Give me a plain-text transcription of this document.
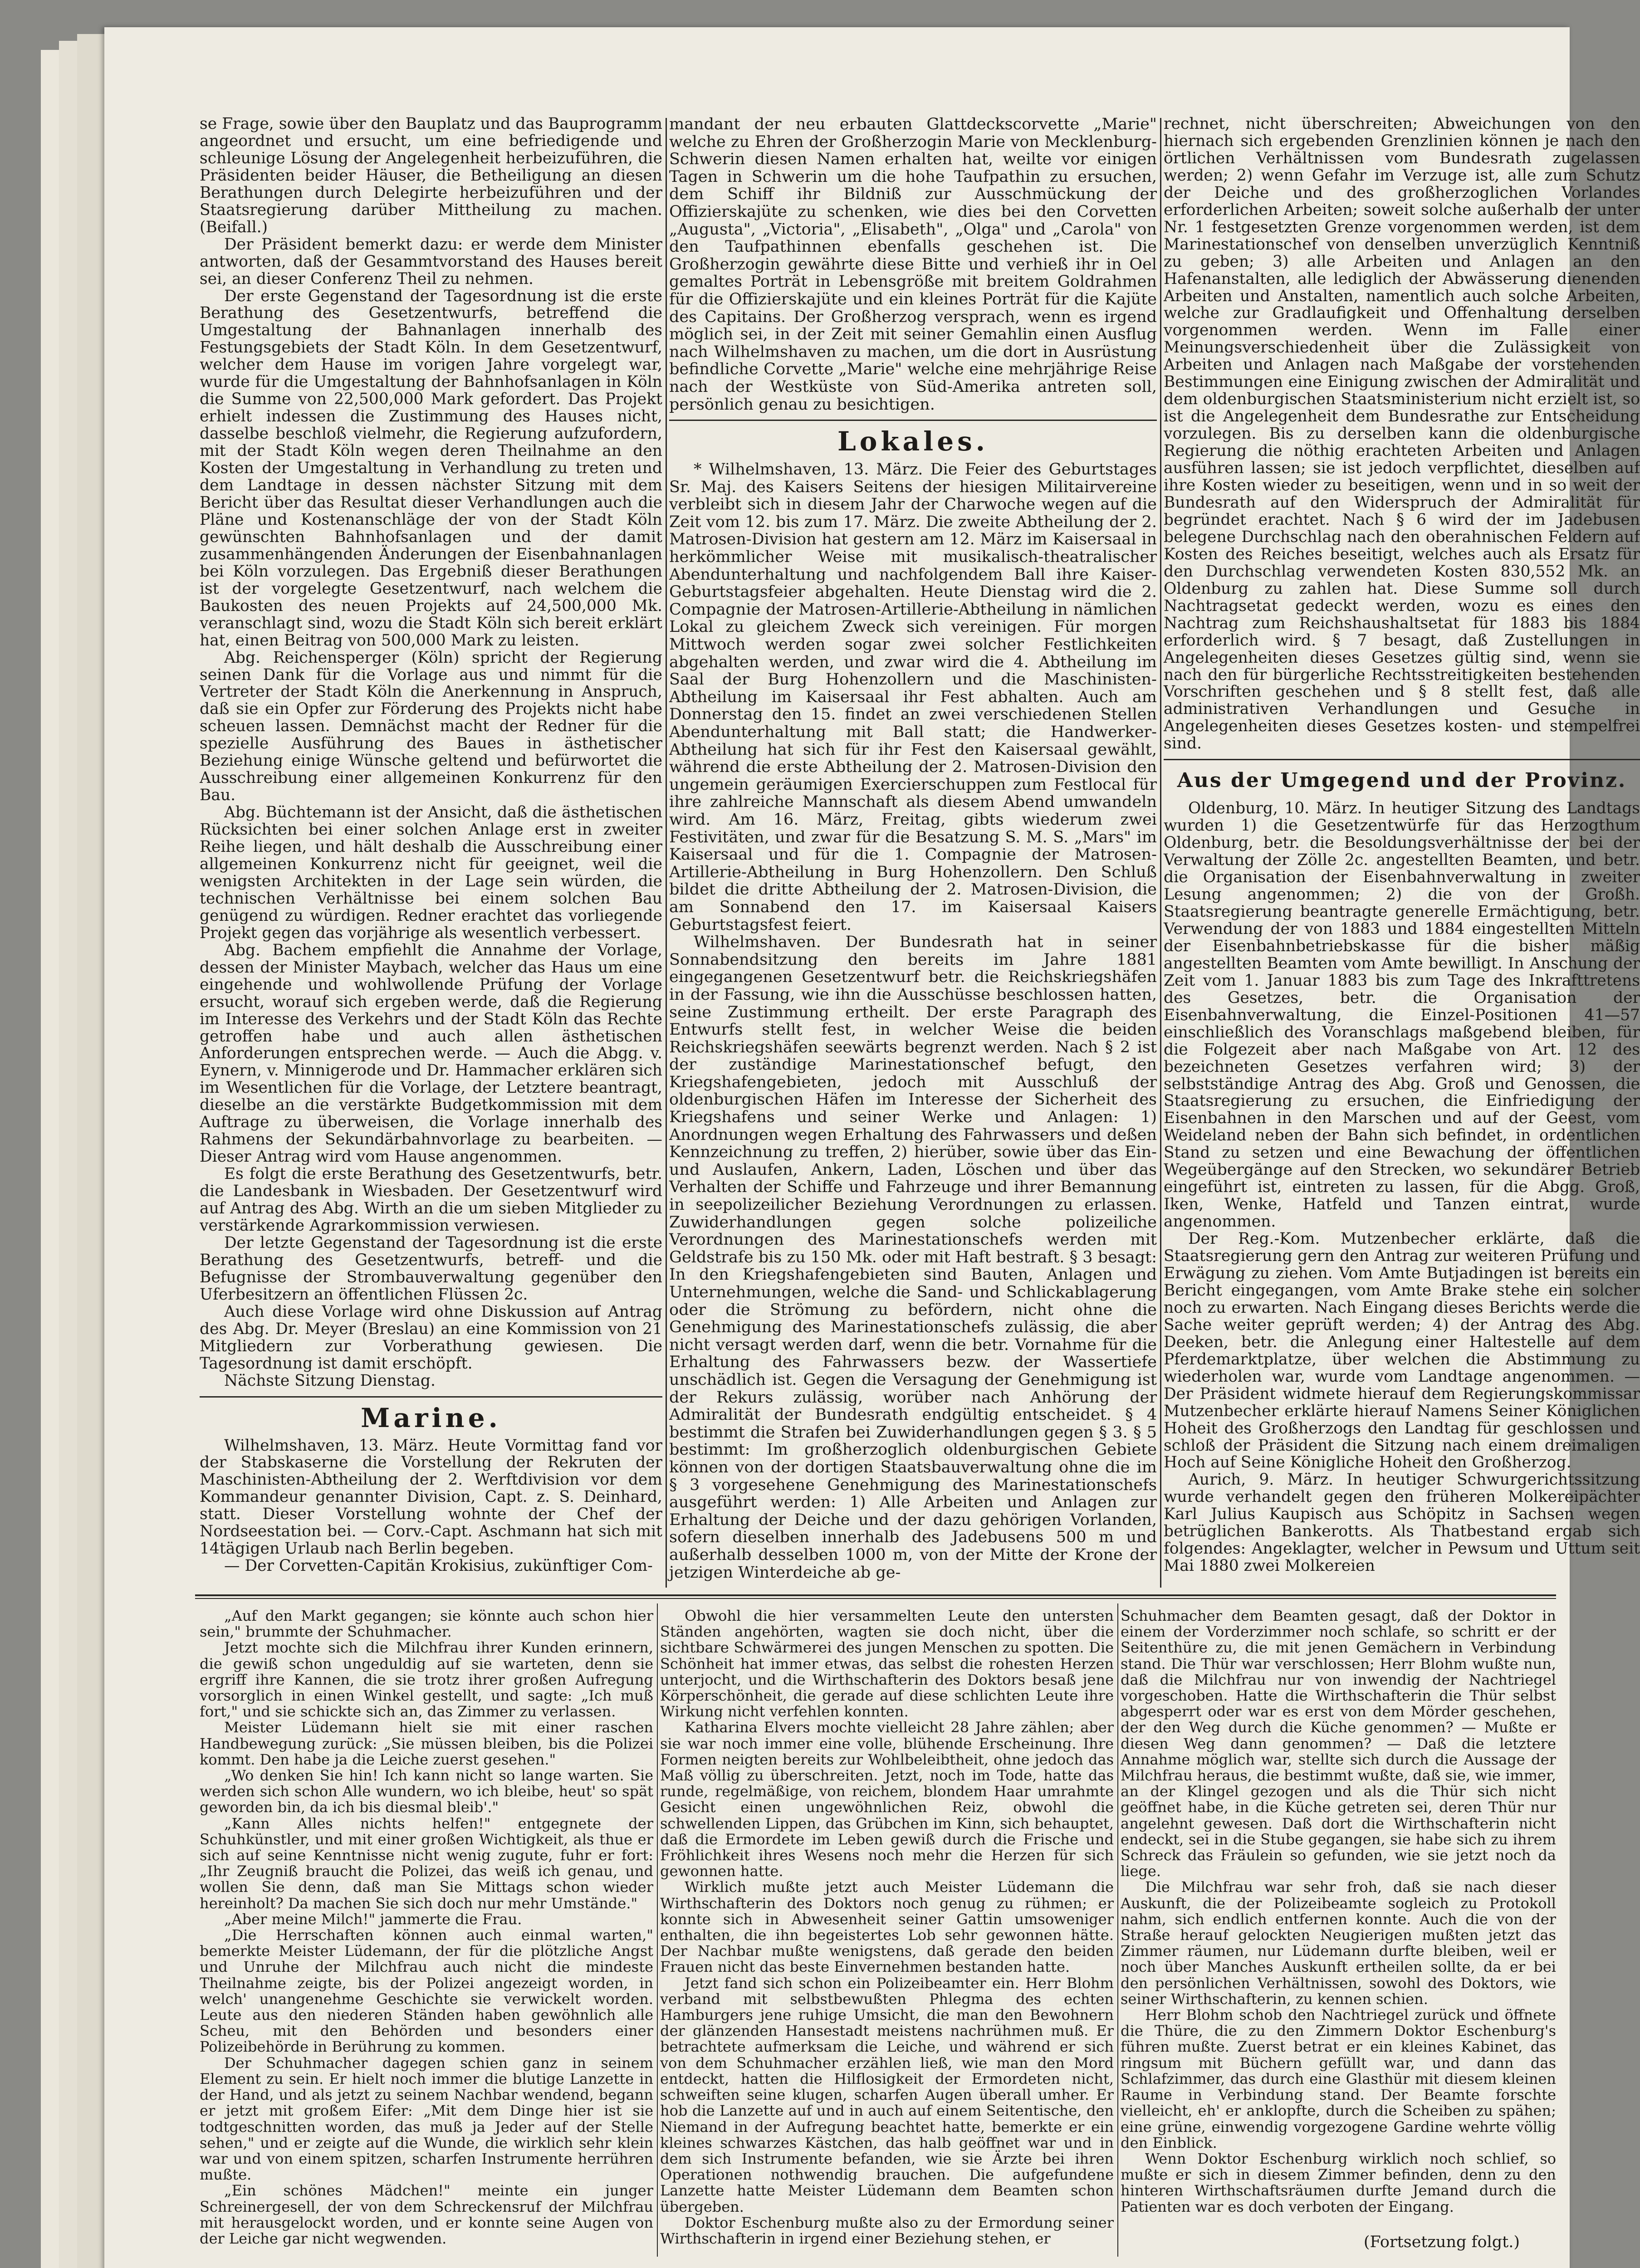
se Frage, sowie über den Bauplatz und das Bauprogramm angeordnet und ersucht, um eine befriedigende und schleunige Lösung der Angelegenheit herbeizuführen, die Präsidenten beider Häuser, die Betheiligung an diesen Berathungen durch Delegirte herbeizuführen und der Staatsregierung darüber Mittheilung zu machen. (Beifall.)

Der Präsident bemerkt dazu: er werde dem Minister antworten, daß der Gesammtvorstand des Hauses bereit sei, an dieser Conferenz Theil zu nehmen.

Der erste Gegenstand der Tagesordnung ist die erste Berathung des Gesetzentwurfs, betreffend die Umgestaltung der Bahnanlagen innerhalb des Festungsgebiets der Stadt Köln. In dem Gesetzentwurf, welcher dem Hause im vorigen Jahre vorgelegt war, wurde für die Umgestaltung der Bahnhofsanlagen in Köln die Summe von 22,500,000 Mark gefordert. Das Projekt erhielt indessen die Zustimmung des Hauses nicht, dasselbe beschloß vielmehr, die Regierung aufzufordern, mit der Stadt Köln wegen deren Theilnahme an den Kosten der Umgestaltung in Verhandlung zu treten und dem Landtage in dessen nächster Sitzung mit dem Bericht über das Resultat dieser Verhandlungen auch die Pläne und Kostenanschläge der von der Stadt Köln gewünschten Bahnhofsanlagen und der damit zusammenhängenden Änderungen der Eisenbahnanlagen bei Köln vorzulegen. Das Ergebniß dieser Berathungen ist der vorgelegte Gesetzentwurf, nach welchem die Baukosten des neuen Projekts auf 24,500,000 Mk. veranschlagt sind, wozu die Stadt Köln sich bereit erklärt hat, einen Beitrag von 500,000 Mark zu leisten.

Abg. Reichensperger (Köln) spricht der Regierung seinen Dank für die Vorlage aus und nimmt für die Vertreter der Stadt Köln die Anerkennung in Anspruch, daß sie ein Opfer zur Förderung des Projekts nicht habe scheuen lassen. Demnächst macht der Redner für die spezielle Ausführung des Baues in ästhetischer Beziehung einige Wünsche geltend und befürwortet die Ausschreibung einer allgemeinen Konkurrenz für den Bau.

Abg. Büchtemann ist der Ansicht, daß die ästhetischen Rücksichten bei einer solchen Anlage erst in zweiter Reihe liegen, und hält deshalb die Ausschreibung einer allgemeinen Konkurrenz nicht für geeignet, weil die wenigsten Architekten in der Lage sein würden, die technischen Verhältnisse bei einem solchen Bau genügend zu würdigen. Redner erachtet das vorliegende Projekt gegen das vorjährige als wesentlich verbessert.

Abg. Bachem empfiehlt die Annahme der Vorlage, dessen der Minister Maybach, welcher das Haus um eine eingehende und wohlwollende Prüfung der Vorlage ersucht, worauf sich ergeben werde, daß die Regierung im Interesse des Verkehrs und der Stadt Köln das Rechte getroffen habe und auch allen ästhetischen Anforderungen entsprechen werde. — Auch die Abgg. v. Eynern, v. Minnigerode und Dr. Hammacher erklären sich im Wesentlichen für die Vorlage, der Letztere beantragt, dieselbe an die verstärkte Budgetkommission mit dem Auftrage zu überweisen, die Vorlage innerhalb des Rahmens der Sekundärbahnvorlage zu bearbeiten. — Dieser Antrag wird vom Hause angenommen.

Es folgt die erste Berathung des Gesetzentwurfs, betr. die Landesbank in Wiesbaden. Der Gesetzentwurf wird auf Antrag des Abg. Wirth an die um sieben Mitglieder zu verstärkende Agrarkommission verwiesen.

Der letzte Gegenstand der Tagesordnung ist die erste Berathung des Gesetzentwurfs, betreff- und die Befugnisse der Strombauverwaltung gegenüber den Uferbesitzern an öffentlichen Flüssen 2c.

Auch diese Vorlage wird ohne Diskussion auf Antrag des Abg. Dr. Meyer (Breslau) an eine Kommission von 21 Mitgliedern zur Vorberathung gewiesen. Die Tagesordnung ist damit erschöpft.

Nächste Sitzung Dienstag.

Marine.

Wilhelmshaven, 13. März. Heute Vormittag fand vor der Stabskaserne die Vorstellung der Rekruten der Maschinisten-Abtheilung der 2. Werftdivision vor dem Kommandeur genannter Division, Capt. z. S. Deinhard, statt. Dieser Vorstellung wohnte der Chef der Nordseestation bei. — Corv.-Capt. Aschmann hat sich mit 14tägigen Urlaub nach Berlin begeben.

— Der Corvetten-Capitän Krokisius, zukünftiger Com-

mandant der neu erbauten Glattdeckscorvette „Marie" welche zu Ehren der Großherzogin Marie von Mecklenburg-Schwerin diesen Namen erhalten hat, weilte vor einigen Tagen in Schwerin um die hohe Taufpathin zu ersuchen, dem Schiff ihr Bildniß zur Ausschmückung der Offizierskajüte zu schenken, wie dies bei den Corvetten „Augusta", „Victoria", „Elisabeth", „Olga" und „Carola" von den Taufpathinnen ebenfalls geschehen ist. Die Großherzogin gewährte diese Bitte und verhieß ihr in Oel gemaltes Porträt in Lebensgröße mit breitem Goldrahmen für die Offizierskajüte und ein kleines Porträt für die Kajüte des Capitains. Der Großherzog versprach, wenn es irgend möglich sei, in der Zeit mit seiner Gemahlin einen Ausflug nach Wilhelmshaven zu machen, um die dort in Ausrüstung befindliche Corvette „Marie" welche eine mehrjährige Reise nach der Westküste von Süd-Amerika antreten soll, persönlich genau zu besichtigen.

Lokales.

* Wilhelmshaven, 13. März. Die Feier des Geburtstages Sr. Maj. des Kaisers Seitens der hiesigen Militairvereine verbleibt sich in diesem Jahr der Charwoche wegen auf die Zeit vom 12. bis zum 17. März. Die zweite Abtheilung der 2. Matrosen-Division hat gestern am 12. März im Kaisersaal in herkömmlicher Weise mit musikalisch-theatralischer Abendunterhaltung und nachfolgendem Ball ihre Kaiser-Geburtstagsfeier abgehalten. Heute Dienstag wird die 2. Compagnie der Matrosen-Artillerie-Abtheilung in nämlichen Lokal zu gleichem Zweck sich vereinigen. Für morgen Mittwoch werden sogar zwei solcher Festlichkeiten abgehalten werden, und zwar wird die 4. Abtheilung im Saal der Burg Hohenzollern und die Maschinisten-Abtheilung im Kaisersaal ihr Fest abhalten. Auch am Donnerstag den 15. findet an zwei verschiedenen Stellen Abendunterhaltung mit Ball statt; die Handwerker-Abtheilung hat sich für ihr Fest den Kaisersaal gewählt, während die erste Abtheilung der 2. Matrosen-Division den ungemein geräumigen Exercierschuppen zum Festlocal für ihre zahlreiche Mannschaft als diesem Abend umwandeln wird. Am 16. März, Freitag, gibts wiederum zwei Festivitäten, und zwar für die Besatzung S. M. S. „Mars" im Kaisersaal und für die 1. Compagnie der Matrosen-Artillerie-Abtheilung in Burg Hohenzollern. Den Schluß bildet die dritte Abtheilung der 2. Matrosen-Division, die am Sonnabend den 17. im Kaisersaal Kaisers Geburtstagsfest feiert.

Wilhelmshaven. Der Bundesrath hat in seiner Sonnabendsitzung den bereits im Jahre 1881 eingegangenen Gesetzentwurf betr. die Reichskriegshäfen in der Fassung, wie ihn die Ausschüsse beschlossen hatten, seine Zustimmung ertheilt. Der erste Paragraph des Entwurfs stellt fest, in welcher Weise die beiden Reichskriegshäfen seewärts begrenzt werden. Nach § 2 ist der zuständige Marinestationschef befugt, den Kriegshafengebieten, jedoch mit Ausschluß der oldenburgischen Häfen im Interesse der Sicherheit des Kriegshafens und seiner Werke und Anlagen: 1) Anordnungen wegen Erhaltung des Fahrwassers und deßen Kennzeichnung zu treffen, 2) hierüber, sowie über das Ein- und Auslaufen, Ankern, Laden, Löschen und über das Verhalten der Schiffe und Fahrzeuge und ihrer Bemannung in seepolizeilicher Beziehung Verordnungen zu erlassen. Zuwiderhandlungen gegen solche polizeiliche Verordnungen des Marinestationschefs werden mit Geldstrafe bis zu 150 Mk. oder mit Haft bestraft. § 3 besagt: In den Kriegshafengebieten sind Bauten, Anlagen und Unternehmungen, welche die Sand- und Schlickablagerung oder die Strömung zu befördern, nicht ohne die Genehmigung des Marinestationschefs zulässig, die aber nicht versagt werden darf, wenn die betr. Vornahme für die Erhaltung des Fahrwassers bezw. der Wassertiefe unschädlich ist. Gegen die Versagung der Genehmigung ist der Rekurs zulässig, worüber nach Anhörung der Admiralität der Bundesrath endgültig entscheidet. § 4 bestimmt die Strafen bei Zuwiderhandlungen gegen § 3. § 5 bestimmt: Im großherzoglich oldenburgischen Gebiete können von der dortigen Staatsbauverwaltung ohne die im § 3 vorgesehene Genehmigung des Marinestationschefs ausgeführt werden: 1) Alle Arbeiten und Anlagen zur Erhaltung der Deiche und der dazu gehörigen Vorlanden, sofern dieselben innerhalb des Jadebusens 500 m und außerhalb desselben 1000 m, von der Mitte der Krone der jetzigen Winterdeiche ab ge-

rechnet, nicht überschreiten; Abweichungen von den hiernach sich ergebenden Grenzlinien können je nach den örtlichen Verhältnissen vom Bundesrath zugelassen werden; 2) wenn Gefahr im Verzuge ist, alle zum Schutz der Deiche und des großherzoglichen Vorlandes erforderlichen Arbeiten; soweit solche außerhalb der unter Nr. 1 festgesetzten Grenze vorgenommen werden, ist dem Marinestationschef von denselben unverzüglich Kenntniß zu geben; 3) alle Arbeiten und Anlagen an den Hafenanstalten, alle lediglich der Abwässerung dienenden Arbeiten und Anstalten, namentlich auch solche Arbeiten, welche zur Gradlaufigkeit und Offenhaltung derselben vorgenommen werden. Wenn im Falle einer Meinungsverschiedenheit über die Zulässigkeit von Arbeiten und Anlagen nach Maßgabe der vorstehenden Bestimmungen eine Einigung zwischen der Admiralität und dem oldenburgischen Staatsministerium nicht erzielt ist, so ist die Angelegenheit dem Bundesrathe zur Entscheidung vorzulegen. Bis zu derselben kann die oldenburgische Regierung die nöthig erachteten Arbeiten und Anlagen ausführen lassen; sie ist jedoch verpflichtet, dieselben auf ihre Kosten wieder zu beseitigen, wenn und in so weit der Bundesrath auf den Widerspruch der Admiralität für begründet erachtet. Nach § 6 wird der im Jadebusen belegene Durchschlag nach den oberahnischen Feldern auf Kosten des Reiches beseitigt, welches auch als Ersatz für den Durchschlag verwendeten Kosten 830,552 Mk. an Oldenburg zu zahlen hat. Diese Summe soll durch Nachtragsetat gedeckt werden, wozu es eines den Nachtrag zum Reichshaushaltsetat für 1883 bis 1884 erforderlich wird. § 7 besagt, daß Zustellungen in Angelegenheiten dieses Gesetzes gültig sind, wenn sie nach den für bürgerliche Rechtsstreitigkeiten bestehenden Vorschriften geschehen und § 8 stellt fest, daß alle administrativen Verhandlungen und Gesuche in Angelegenheiten dieses Gesetzes kosten- und stempelfrei sind.

Aus der Umgegend und der Provinz.

Oldenburg, 10. März. In heutiger Sitzung des Landtags wurden 1) die Gesetzentwürfe für das Herzogthum Oldenburg, betr. die Besoldungsverhältnisse der bei der Verwaltung der Zölle 2c. angestellten Beamten, und betr. die Organisation der Eisenbahnverwaltung in zweiter Lesung angenommen; 2) die von der Großh. Staatsregierung beantragte generelle Ermächtigung, betr. Verwendung der von 1883 und 1884 eingestellten Mitteln der Eisenbahnbetriebskasse für die bisher mäßig angestellten Beamten vom Amte bewilligt. In Anschung der Zeit vom 1. Januar 1883 bis zum Tage des Inkrafttretens des Gesetzes, betr. die Organisation der Eisenbahnverwaltung, die Einzel-Positionen 41—57 einschließlich des Voranschlags maßgebend bleiben, für die Folgezeit aber nach Maßgabe von Art. 12 des bezeichneten Gesetzes verfahren wird; 3) der selbstständige Antrag des Abg. Groß und Genossen, die Staatsregierung zu ersuchen, die Einfriedigung der Eisenbahnen in den Marschen und auf der Geest, vom Weideland neben der Bahn sich befindet, in ordentlichen Stand zu setzen und eine Bewachung der öffentlichen Wegeübergänge auf den Strecken, wo sekundärer Betrieb eingeführt ist, eintreten zu lassen, für die Abgg. Groß, Iken, Wenke, Hatfeld und Tanzen eintrat, wurde angenommen.

Der Reg.-Kom. Mutzenbecher erklärte, daß die Staatsregierung gern den Antrag zur weiteren Prüfung und Erwägung zu ziehen. Vom Amte Butjadingen ist bereits ein Bericht eingegangen, vom Amte Brake stehe ein solcher noch zu erwarten. Nach Eingang dieses Berichts werde die Sache weiter geprüft werden; 4) der Antrag des Abg. Deeken, betr. die Anlegung einer Haltestelle auf dem Pferdemarktplatze, über welchen die Abstimmung zu wiederholen war, wurde vom Landtage angenommen. — Der Präsident widmete hierauf dem Regierungskommissar Mutzenbecher erklärte hierauf Namens Seiner Königlichen Hoheit des Großherzogs den Landtag für geschlossen und schloß der Präsident die Sitzung nach einem dreimaligen Hoch auf Seine Königliche Hoheit den Großherzog.

Aurich, 9. März. In heutiger Schwurgerichtssitzung wurde verhandelt gegen den früheren Molkereipächter Karl Julius Kaupisch aus Schöpitz in Sachsen wegen betrüglichen Bankerotts. Als Thatbestand ergab sich folgendes: Angeklagter, welcher in Pewsum und Uttum seit Mai 1880 zwei Molkereien

„Auf den Markt gegangen; sie könnte auch schon hier sein," brummte der Schuhmacher.

Jetzt mochte sich die Milchfrau ihrer Kunden erinnern, die gewiß schon ungeduldig auf sie warteten, denn sie ergriff ihre Kannen, die sie trotz ihrer großen Aufregung vorsorglich in einen Winkel gestellt, und sagte: „Ich muß fort," und sie schickte sich an, das Zimmer zu verlassen.

Meister Lüdemann hielt sie mit einer raschen Handbewegung zurück: „Sie müssen bleiben, bis die Polizei kommt. Den habe ja die Leiche zuerst gesehen."

„Wo denken Sie hin! Ich kann nicht so lange warten. Sie werden sich schon Alle wundern, wo ich bleibe, heut' so spät geworden bin, da ich bis diesmal bleib'."

„Kann Alles nichts helfen!" entgegnete der Schuhkünstler, und mit einer großen Wichtigkeit, als thue er sich auf seine Kenntnisse nicht wenig zugute, fuhr er fort: „Ihr Zeugniß braucht die Polizei, das weiß ich genau, und wollen Sie denn, daß man Sie Mittags schon wieder hereinholt? Da machen Sie sich doch nur mehr Umstände."

„Aber meine Milch!" jammerte die Frau.

„Die Herrschaften können auch einmal warten," bemerkte Meister Lüdemann, der für die plötzliche Angst und Unruhe der Milchfrau auch nicht die mindeste Theilnahme zeigte, bis der Polizei angezeigt worden, in welch' unangenehme Geschichte sie verwickelt worden. Leute aus den niederen Ständen haben gewöhnlich alle Scheu, mit den Behörden und besonders einer Polizeibehörde in Berührung zu kommen.

Der Schuhmacher dagegen schien ganz in seinem Element zu sein. Er hielt noch immer die blutige Lanzette in der Hand, und als jetzt zu seinem Nachbar wendend, begann er jetzt mit großem Eifer: „Mit dem Dinge hier ist sie todtgeschnitten worden, das muß ja Jeder auf der Stelle sehen," und er zeigte auf die Wunde, die wirklich sehr klein war und von einem spitzen, scharfen Instrumente herrühren mußte.

„Ein schönes Mädchen!" meinte ein junger Schreinergesell, der von dem Schreckensruf der Milchfrau mit herausgelockt worden, und er konnte seine Augen von der Leiche gar nicht wegwenden.

Obwohl die hier versammelten Leute den untersten Ständen angehörten, wagten sie doch nicht, über die sichtbare Schwärmerei des jungen Menschen zu spotten. Die Schönheit hat immer etwas, das selbst die rohesten Herzen unterjocht, und die Wirthschafterin des Doktors besaß jene Körperschönheit, die gerade auf diese schlichten Leute ihre Wirkung nicht verfehlen konnten.

Katharina Elvers mochte vielleicht 28 Jahre zählen; aber sie war noch immer eine volle, blühende Erscheinung. Ihre Formen neigten bereits zur Wohlbeleibtheit, ohne jedoch das Maß völlig zu überschreiten. Jetzt, noch im Tode, hatte das runde, regelmäßige, von reichem, blondem Haar umrahmte Gesicht einen ungewöhnlichen Reiz, obwohl die schwellenden Lippen, das Grübchen im Kinn, sich behauptet, daß die Ermordete im Leben gewiß durch die Frische und Fröhlichkeit ihres Wesens noch mehr die Herzen für sich gewonnen hatte.

Wirklich mußte jetzt auch Meister Lüdemann die Wirthschafterin des Doktors noch genug zu rühmen; er konnte sich in Abwesenheit seiner Gattin umsoweniger enthalten, die ihn begeistertes Lob sehr gewonnen hätte. Der Nachbar mußte wenigstens, daß gerade den beiden Frauen nicht das beste Einvernehmen bestanden hatte.

Jetzt fand sich schon ein Polizeibeamter ein. Herr Blohm verband mit selbstbewußten Phlegma des echten Hamburgers jene ruhige Umsicht, die man den Bewohnern der glänzenden Hansestadt meistens nachrühmen muß. Er betrachtete aufmerksam die Leiche, und während er sich von dem Schuhmacher erzählen ließ, wie man den Mord entdeckt, hatten die Hilflosigkeit der Ermordeten nicht, schweiften seine klugen, scharfen Augen überall umher. Er hob die Lanzette auf und in auch auf einem Seitentische, den Niemand in der Aufregung beachtet hatte, bemerkte er ein kleines schwarzes Kästchen, das halb geöffnet war und in dem sich Instrumente befanden, wie sie Ärzte bei ihren Operationen nothwendig brauchen. Die aufgefundene Lanzette hatte Meister Lüdemann dem Beamten schon übergeben.

Doktor Eschenburg mußte also zu der Ermordung seiner Wirthschafterin in irgend einer Beziehung stehen, er

Schuhmacher dem Beamten gesagt, daß der Doktor in einem der Vorderzimmer noch schlafe, so schritt er der Seitenthüre zu, die mit jenen Gemächern in Verbindung stand. Die Thür war verschlossen; Herr Blohm wußte nun, daß die Milchfrau nur von inwendig der Nachtriegel vorgeschoben. Hatte die Wirthschafterin die Thür selbst abgesperrt oder war es erst von dem Mörder geschehen, der den Weg durch die Küche genommen? — Mußte er diesen Weg dann genommen? — Daß die letztere Annahme möglich war, stellte sich durch die Aussage der Milchfrau heraus, die bestimmt wußte, daß sie, wie immer, an der Klingel gezogen und als die Thür sich nicht geöffnet habe, in die Küche getreten sei, deren Thür nur angelehnt gewesen. Daß dort die Wirthschafterin nicht endeckt, sei in die Stube gegangen, sie habe sich zu ihrem Schreck das Fräulein so gefunden, wie sie jetzt noch da liege.

Die Milchfrau war sehr froh, daß sie nach dieser Auskunft, die der Polizeibeamte sogleich zu Protokoll nahm, sich endlich entfernen konnte. Auch die von der Straße herauf gelockten Neugierigen mußten jetzt das Zimmer räumen, nur Lüdemann durfte bleiben, weil er noch über Manches Auskunft ertheilen sollte, da er bei den persönlichen Verhältnissen, sowohl des Doktors, wie seiner Wirthschafterin, zu kennen schien.

Herr Blohm schob den Nachtriegel zurück und öffnete die Thüre, die zu den Zimmern Doktor Eschenburg's führen mußte. Zuerst betrat er ein kleines Kabinet, das ringsum mit Büchern gefüllt war, und dann das Schlafzimmer, das durch eine Glasthür mit diesem kleinen Raume in Verbindung stand. Der Beamte forschte vielleicht, eh' er anklopfte, durch die Scheiben zu spähen; eine grüne, einwendig vorgezogene Gardine wehrte völlig den Einblick.

Wenn Doktor Eschenburg wirklich noch schlief, so mußte er sich in diesem Zimmer befinden, denn zu den hinteren Wirthschaftsräumen durfte Jemand durch die Patienten war es doch verboten der Eingang.

(Fortsetzung folgt.)
